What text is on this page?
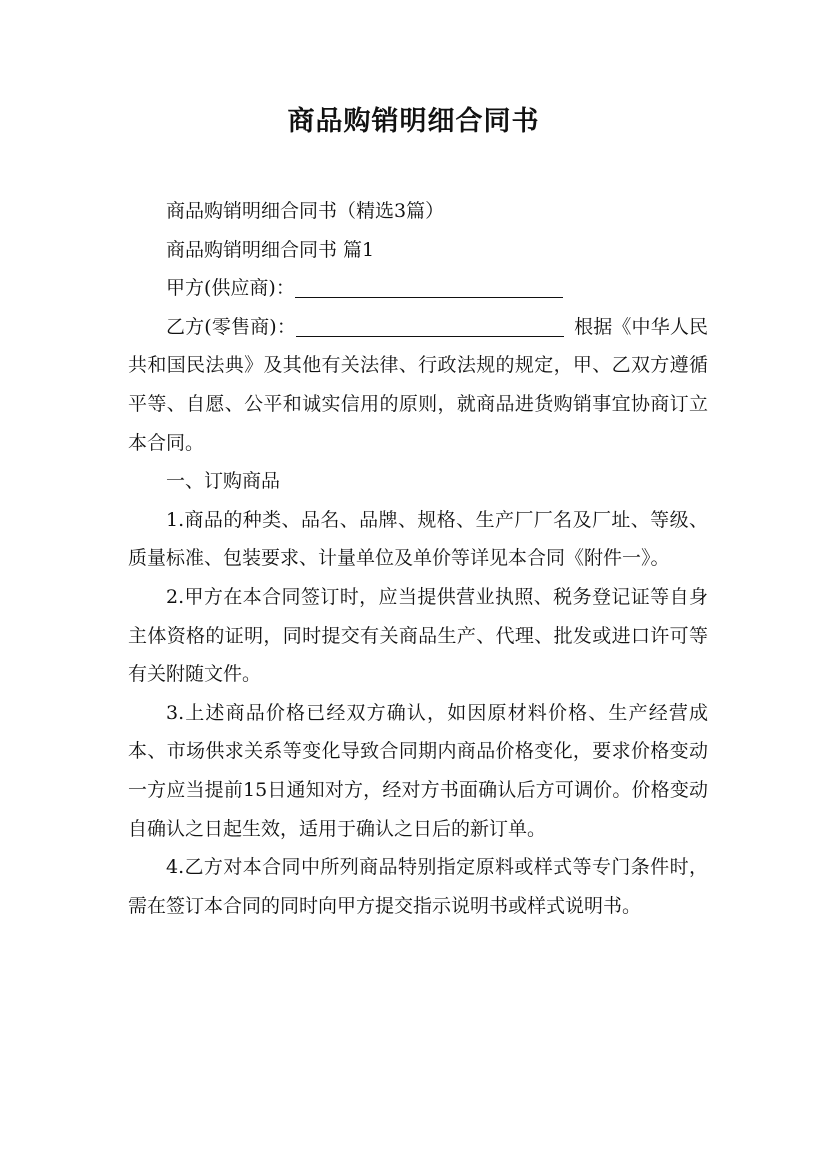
商品购销明细合同书

商品购销明细合同书（精选3篇）

商品购销明细合同书 篇1

甲方(供应商)：

乙方(零售商)：	根据《中华人民共和国民法典》及其他有关法律、行政法规的规定，甲、乙双方遵循平等、自愿、公平和诚实信用的原则，就商品进货购销事宜协商订立本合同。

一、订购商品

1.商品的种类、品名、品牌、规格、生产厂厂名及厂址、等级、质量标准、包装要求、计量单位及单价等详见本合同《附件一》。

2.甲方在本合同签订时，应当提供营业执照、税务登记证等自身主体资格的证明，同时提交有关商品生产、代理、批发或进口许可等有关附随文件。

3.上述商品价格已经双方确认，如因原材料价格、生产经营成本、市场供求关系等变化导致合同期内商品价格变化，要求价格变动一方应当提前15日通知对方，经对方书面确认后方可调价。价格变动自确认之日起生效，适用于确认之日后的新订单。

4.乙方对本合同中所列商品特别指定原料或样式等专门条件时，需在签订本合同的同时向甲方提交指示说明书或样式说明书。
